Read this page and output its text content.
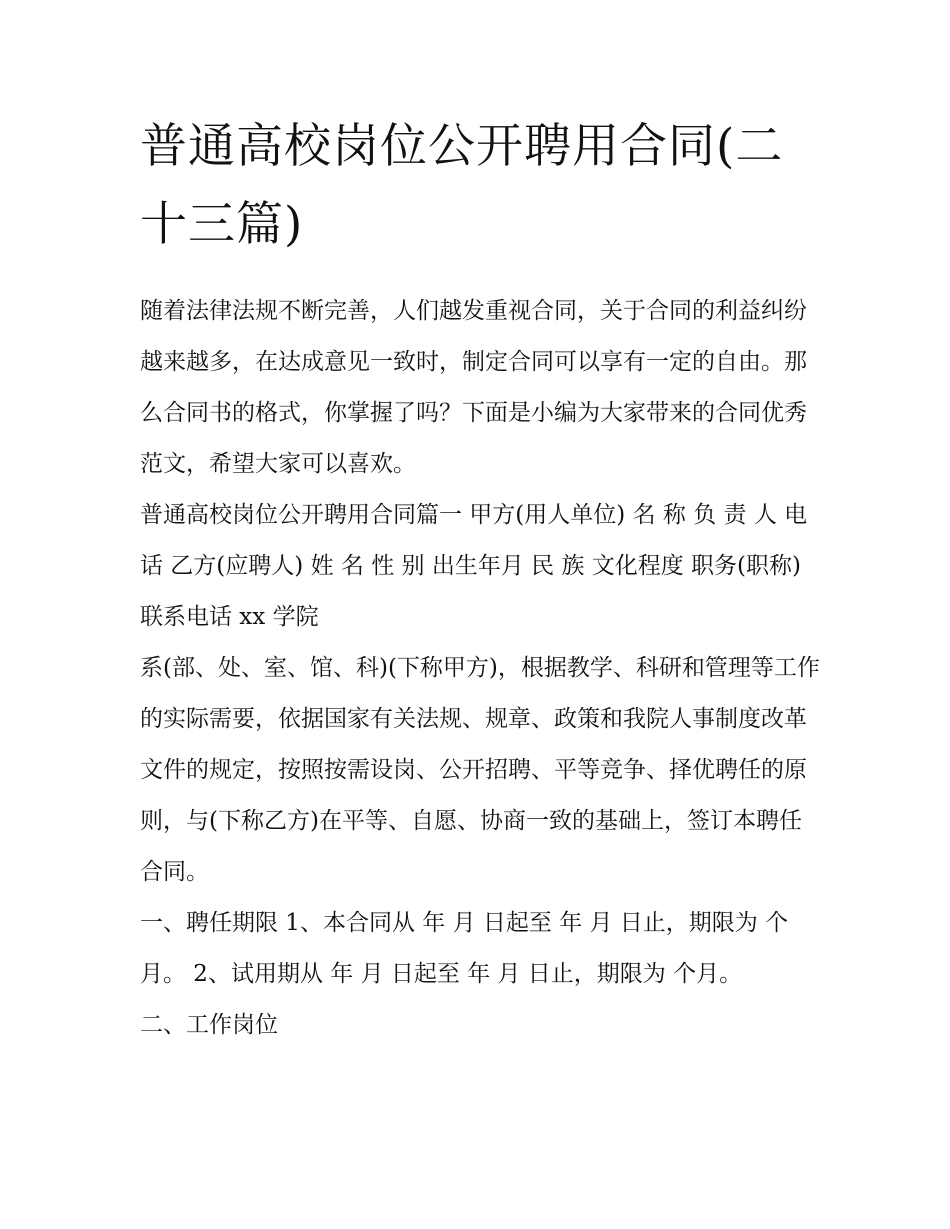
普通高校岗位公开聘用合同(二十三篇)

随着法律法规不断完善，人们越发重视合同，关于合同的利益纠纷越来越多，在达成意见一致时，制定合同可以享有一定的自由。那么合同书的格式，你掌握了吗？下面是小编为大家带来的合同优秀范文，希望大家可以喜欢。

普通高校岗位公开聘用合同篇一 甲方(用人单位) 名 称 负 责 人 电 话 乙方(应聘人) 姓 名 性 别 出生年月 民 族 文化程度 职务(职称)

联系电话 xx 学院

系(部、处、室、馆、科)(下称甲方)，根据教学、科研和管理等工作的实际需要，依据国家有关法规、规章、政策和我院人事制度改革文件的规定，按照按需设岗、公开招聘、平等竞争、择优聘任的原则，与(下称乙方)在平等、自愿、协商一致的基础上，签订本聘任合同。

一、聘任期限 1、本合同从 年 月 日起至 年 月 日止，期限为 个月。 2、试用期从 年 月 日起至 年 月 日止，期限为 个月。

二、工作岗位
